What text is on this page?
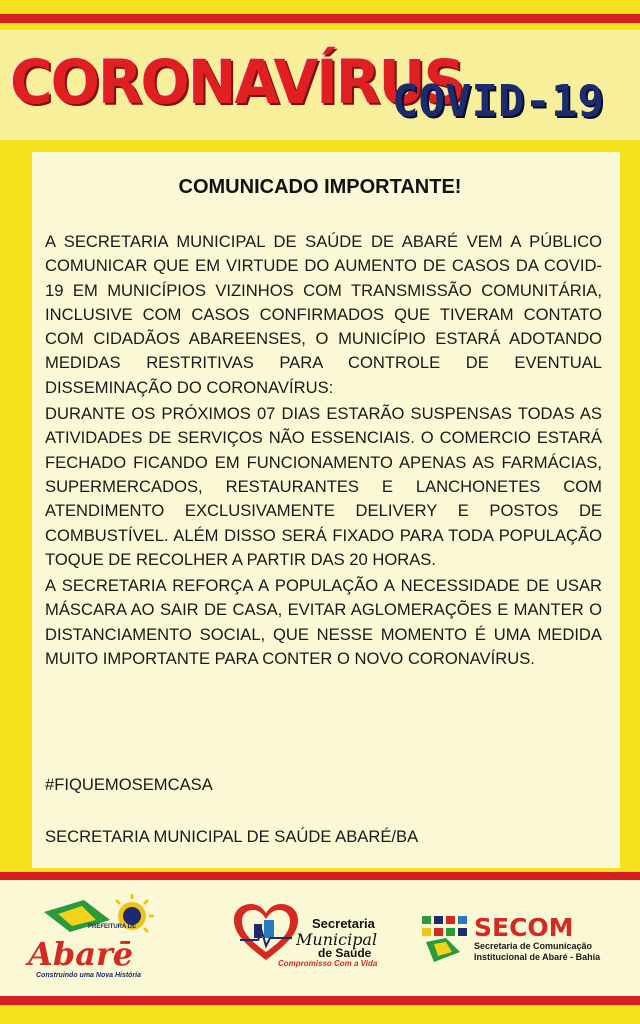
CORONAVÍRUS
COVID-19
COMUNICADO IMPORTANTE!

A SECRETARIA MUNICIPAL DE SAÚDE DE ABARÉ VEM A PÚBLICO COMUNICAR QUE EM VIRTUDE DO AUMENTO DE CASOS DA COVID-19 EM MUNICÍPIOS VIZINHOS COM TRANSMISSÃO COMUNITÁRIA, INCLUSIVE COM CASOS CONFIRMADOS QUE TIVERAM CONTATO COM CIDADÃOS ABAREENSES, O MUNICÍPIO ESTARÁ ADOTANDO MEDIDAS RESTRITIVAS PARA CONTROLE DE EVENTUAL DISSEMINAÇÃO DO CORONAVÍRUS:

DURANTE OS PRÓXIMOS 07 DIAS ESTARÃO SUSPENSAS TODAS AS ATIVIDADES DE SERVIÇOS NÃO ESSENCIAIS. O COMERCIO ESTARÁ FECHADO FICANDO EM FUNCIONAMENTO APENAS AS FARMÁCIAS, SUPERMERCADOS, RESTAURANTES E LANCHONETES COM ATENDIMENTO EXCLUSIVAMENTE DELIVERY E POSTOS DE COMBUSTÍVEL. ALÉM DISSO SERÁ FIXADO PARA TODA POPULAÇÃO TOQUE DE RECOLHER A PARTIR DAS 20 HORAS.

A SECRETARIA REFORÇA A POPULAÇÃO A NECESSIDADE DE USAR MÁSCARA AO SAIR DE CASA, EVITAR AGLOMERAÇÕES E MANTER O DISTANCIAMENTO SOCIAL, QUE NESSE MOMENTO É UMA MEDIDA MUITO IMPORTANTE PARA CONTER O NOVO CORONAVÍRUS.

#FIQUEMOSEMCASA
SECRETARIA MUNICIPAL DE SAÚDE ABARÉ/BA
PREFEITURA DE
Abarē
Construindo uma Nova História
Secretaria
Municipal
de Saúde
Compromisso Com a Vida
SECOM
Secretaria de Comunicação
Institucional de Abaré - Bahia
